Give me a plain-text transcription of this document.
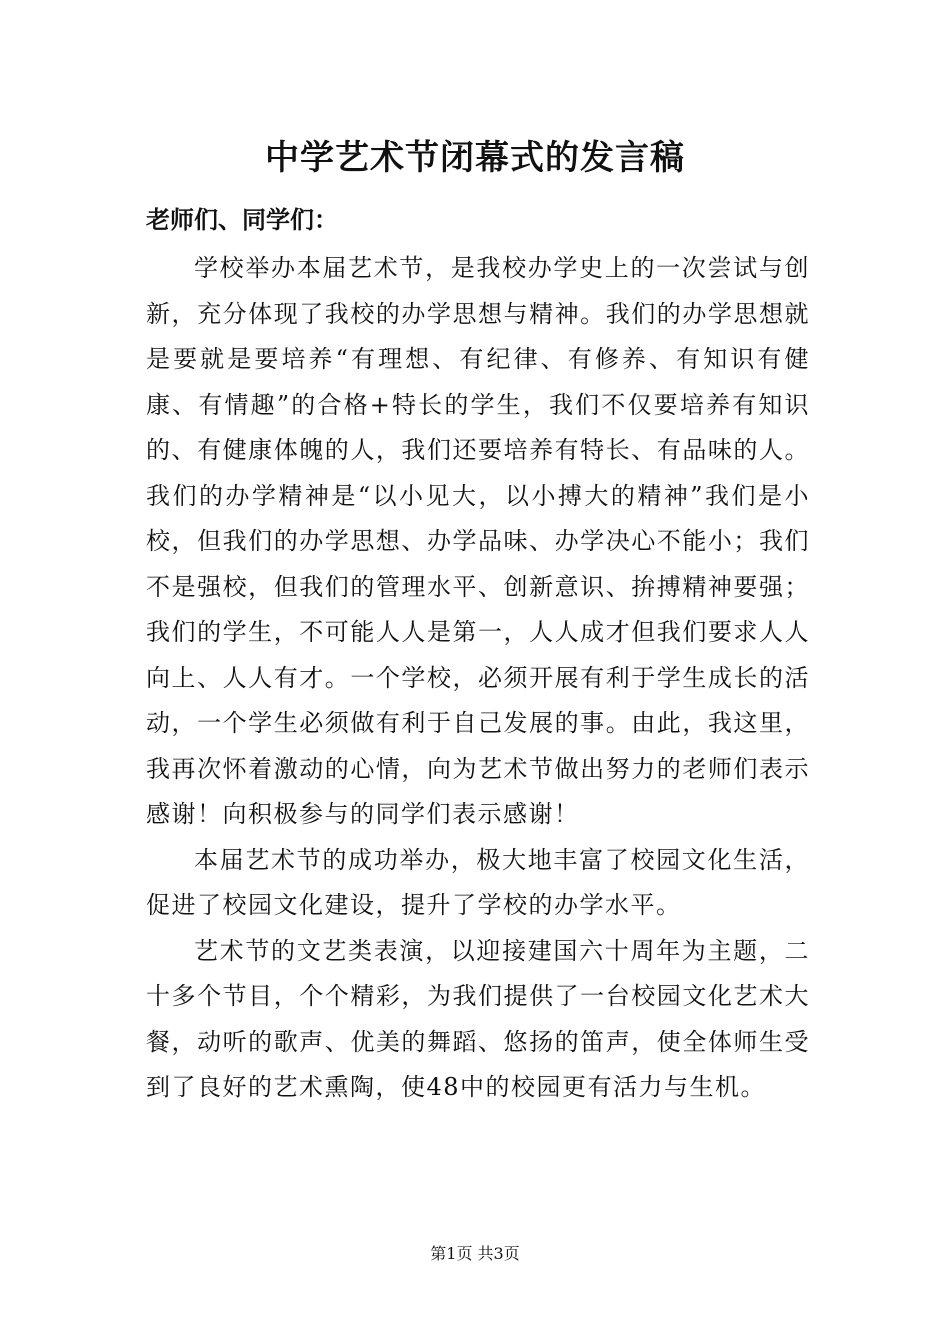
中学艺术节闭幕式的发言稿

老师们、同学们：

学校举办本届艺术节，是我校办学史上的一次尝试与创新，充分体现了我校的办学思想与精神。我们的办学思想就是要就是要培养“有理想、有纪律、有修养、有知识有健康、有情趣”的合格+特长的学生，我们不仅要培养有知识的、有健康体魄的人，我们还要培养有特长、有品味的人。我们的办学精神是“以小见大，以小搏大的精神”我们是小校，但我们的办学思想、办学品味、办学决心不能小；我们不是强校，但我们的管理水平、创新意识、拚搏精神要强；我们的学生，不可能人人是第一，人人成才但我们要求人人向上、人人有才。一个学校，必须开展有利于学生成长的活动，一个学生必须做有利于自己发展的事。由此，我这里，我再次怀着激动的心情，向为艺术节做出努力的老师们表示感谢！向积极参与的同学们表示感谢！

本届艺术节的成功举办，极大地丰富了校园文化生活，促进了校园文化建设，提升了学校的办学水平。

艺术节的文艺类表演，以迎接建国六十周年为主题，二十多个节目，个个精彩，为我们提供了一台校园文化艺术大餐，动听的歌声、优美的舞蹈、悠扬的笛声，使全体师生受到了良好的艺术熏陶，使48中的校园更有活力与生机。

第1页 共3页
